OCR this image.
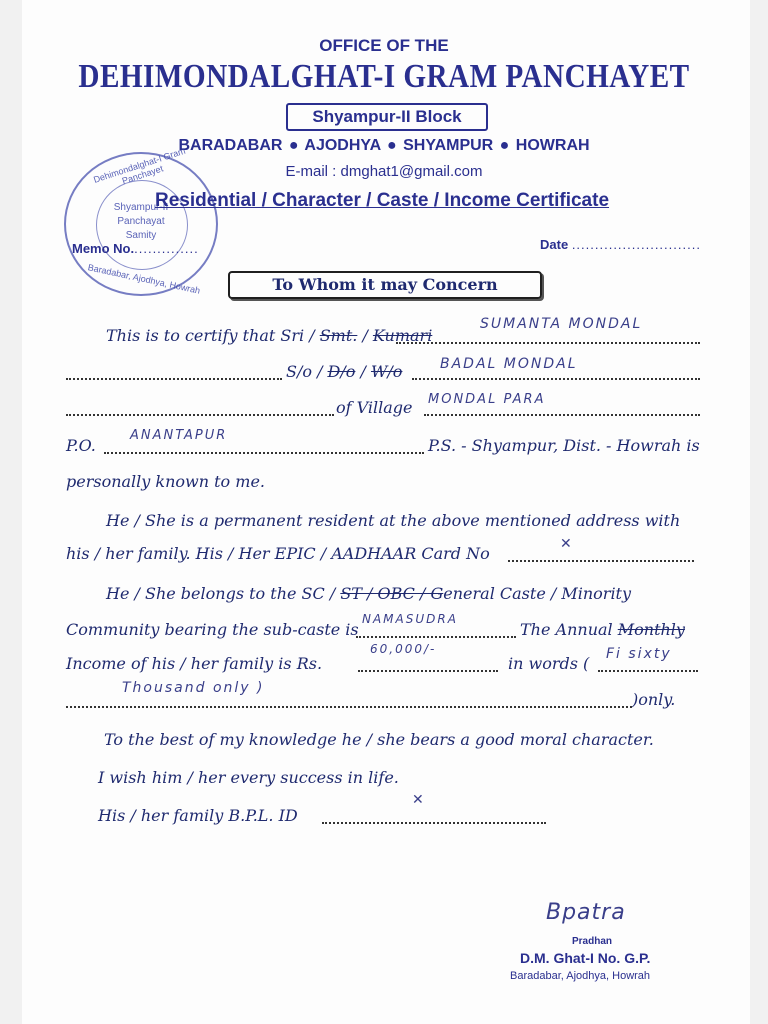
OFFICE OF THE
DEHIMONDALGHAT-I GRAM PANCHAYET
Shyampur-II Block
BARADABAR ● AJODHYA ● SHYAMPUR ● HOWRAH
E-mail : dmghat1@gmail.com
Dehimondalghat-I Gram Panchayet
Shyampur-II
Panchayat
Samity
Baradabar, Ajodhya, Howrah
Residential / Character / Caste / Income Certificate
Memo No...............	Date ............................
To Whom it may Concern
This is to certify that Sri / Smt. / Kumari
SUMANTA MONDAL
S/o / D/o / W/o	BADAL MONDAL
of Village MONDAL PARA
P.O.
ANANTAPUR
P.S. - Shyampur, Dist. - Howrah is
personally known to me.
He / She is a permanent resident at the above mentioned address with
his / her family. His / Her EPIC / AADHAAR Card No	✕
He / She belongs to the SC / ST / OBC / General Caste / Minority
Community bearing the sub-caste is
NAMASUDRA
The Annual Monthly
Income of his / her family is Rs.
60,000/-
in words ( Fi sixty
Thousand only )
)only.
To the best of my knowledge he / she bears a good moral character.
I wish him / her every success in life.
His / her family B.P.L. ID
✕
Bpatra
Pradhan
D.M. Ghat-I No. G.P.
Baradabar, Ajodhya, Howrah
